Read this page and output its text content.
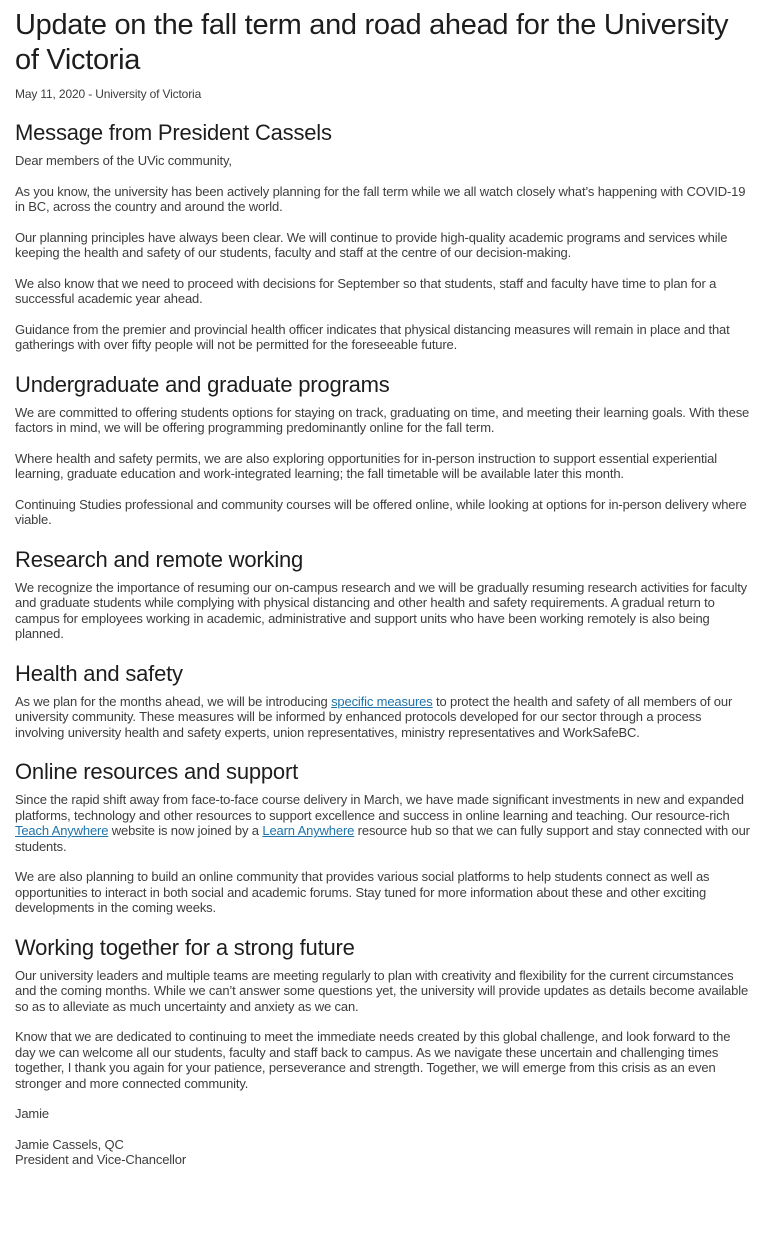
Update on the fall term and road ahead for the University of Victoria
May 11, 2020 - University of Victoria
Message from President Cassels

Dear members of the UVic community,

As you know, the university has been actively planning for the fall term while we all watch closely what’s happening with COVID-19 in BC, across the country and around the world.

Our planning principles have always been clear. We will continue to provide high-quality academic programs and services while keeping the health and safety of our students, faculty and staff at the centre of our decision-making.

We also know that we need to proceed with decisions for September so that students, staff and faculty have time to plan for a successful academic year ahead.

Guidance from the premier and provincial health officer indicates that physical distancing measures will remain in place and that gatherings with over fifty people will not be permitted for the foreseeable future.

Undergraduate and graduate programs

We are committed to offering students options for staying on track, graduating on time, and meeting their learning goals. With these factors in mind, we will be offering programming predominantly online for the fall term.

Where health and safety permits, we are also exploring opportunities for in-person instruction to support essential experiential learning, graduate education and work-integrated learning; the fall timetable will be available later this month.

Continuing Studies professional and community courses will be offered online, while looking at options for in-person delivery where viable.

Research and remote working

We recognize the importance of resuming our on-campus research and we will be gradually resuming research activities for faculty and graduate students while complying with physical distancing and other health and safety requirements. A gradual return to campus for employees working in academic, administrative and support units who have been working remotely is also being planned.

Health and safety

As we plan for the months ahead, we will be introducing specific measures to protect the health and safety of all members of our university community. These measures will be informed by enhanced protocols developed for our sector through a process involving university health and safety experts, union representatives, ministry representatives and WorkSafeBC.

Online resources and support

Since the rapid shift away from face-to-face course delivery in March, we have made significant investments in new and expanded platforms, technology and other resources to support excellence and success in online learning and teaching. Our resource-rich Teach Anywhere website is now joined by a Learn Anywhere resource hub so that we can fully support and stay connected with our students.

We are also planning to build an online community that provides various social platforms to help students connect as well as opportunities to interact in both social and academic forums. Stay tuned for more information about these and other exciting developments in the coming weeks.

Working together for a strong future

Our university leaders and multiple teams are meeting regularly to plan with creativity and flexibility for the current circumstances and the coming months. While we can’t answer some questions yet, the university will provide updates as details become available so as to alleviate as much uncertainty and anxiety as we can.

Know that we are dedicated to continuing to meet the immediate needs created by this global challenge, and look forward to the day we can welcome all our students, faculty and staff back to campus. As we navigate these uncertain and challenging times together, I thank you again for your patience, perseverance and strength. Together, we will emerge from this crisis as an even stronger and more connected community.

Jamie

Jamie Cassels, QC
President and Vice-Chancellor
